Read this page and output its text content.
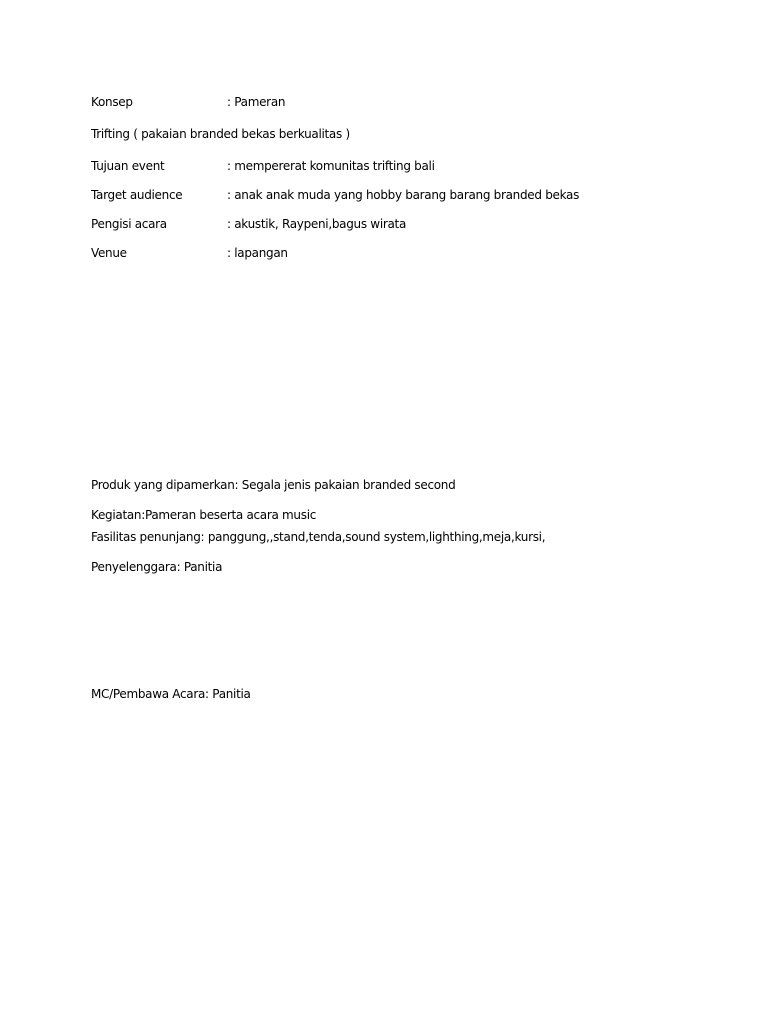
Konsep	: Pameran
Trifting ( pakaian branded bekas berkualitas )
Tujuan event	: mempererat komunitas trifting bali
Target audience	: anak anak muda yang hobby barang barang branded bekas
Pengisi acara	: akustik, Raypeni,bagus wirata
Venue	: lapangan
Produk yang dipamerkan: Segala jenis pakaian branded second
Kegiatan:Pameran beserta acara music
Fasilitas penunjang: panggung,,stand,tenda,sound system,lighthing,meja,kursi,
Penyelenggara: Panitia
MC/Pembawa Acara: Panitia
